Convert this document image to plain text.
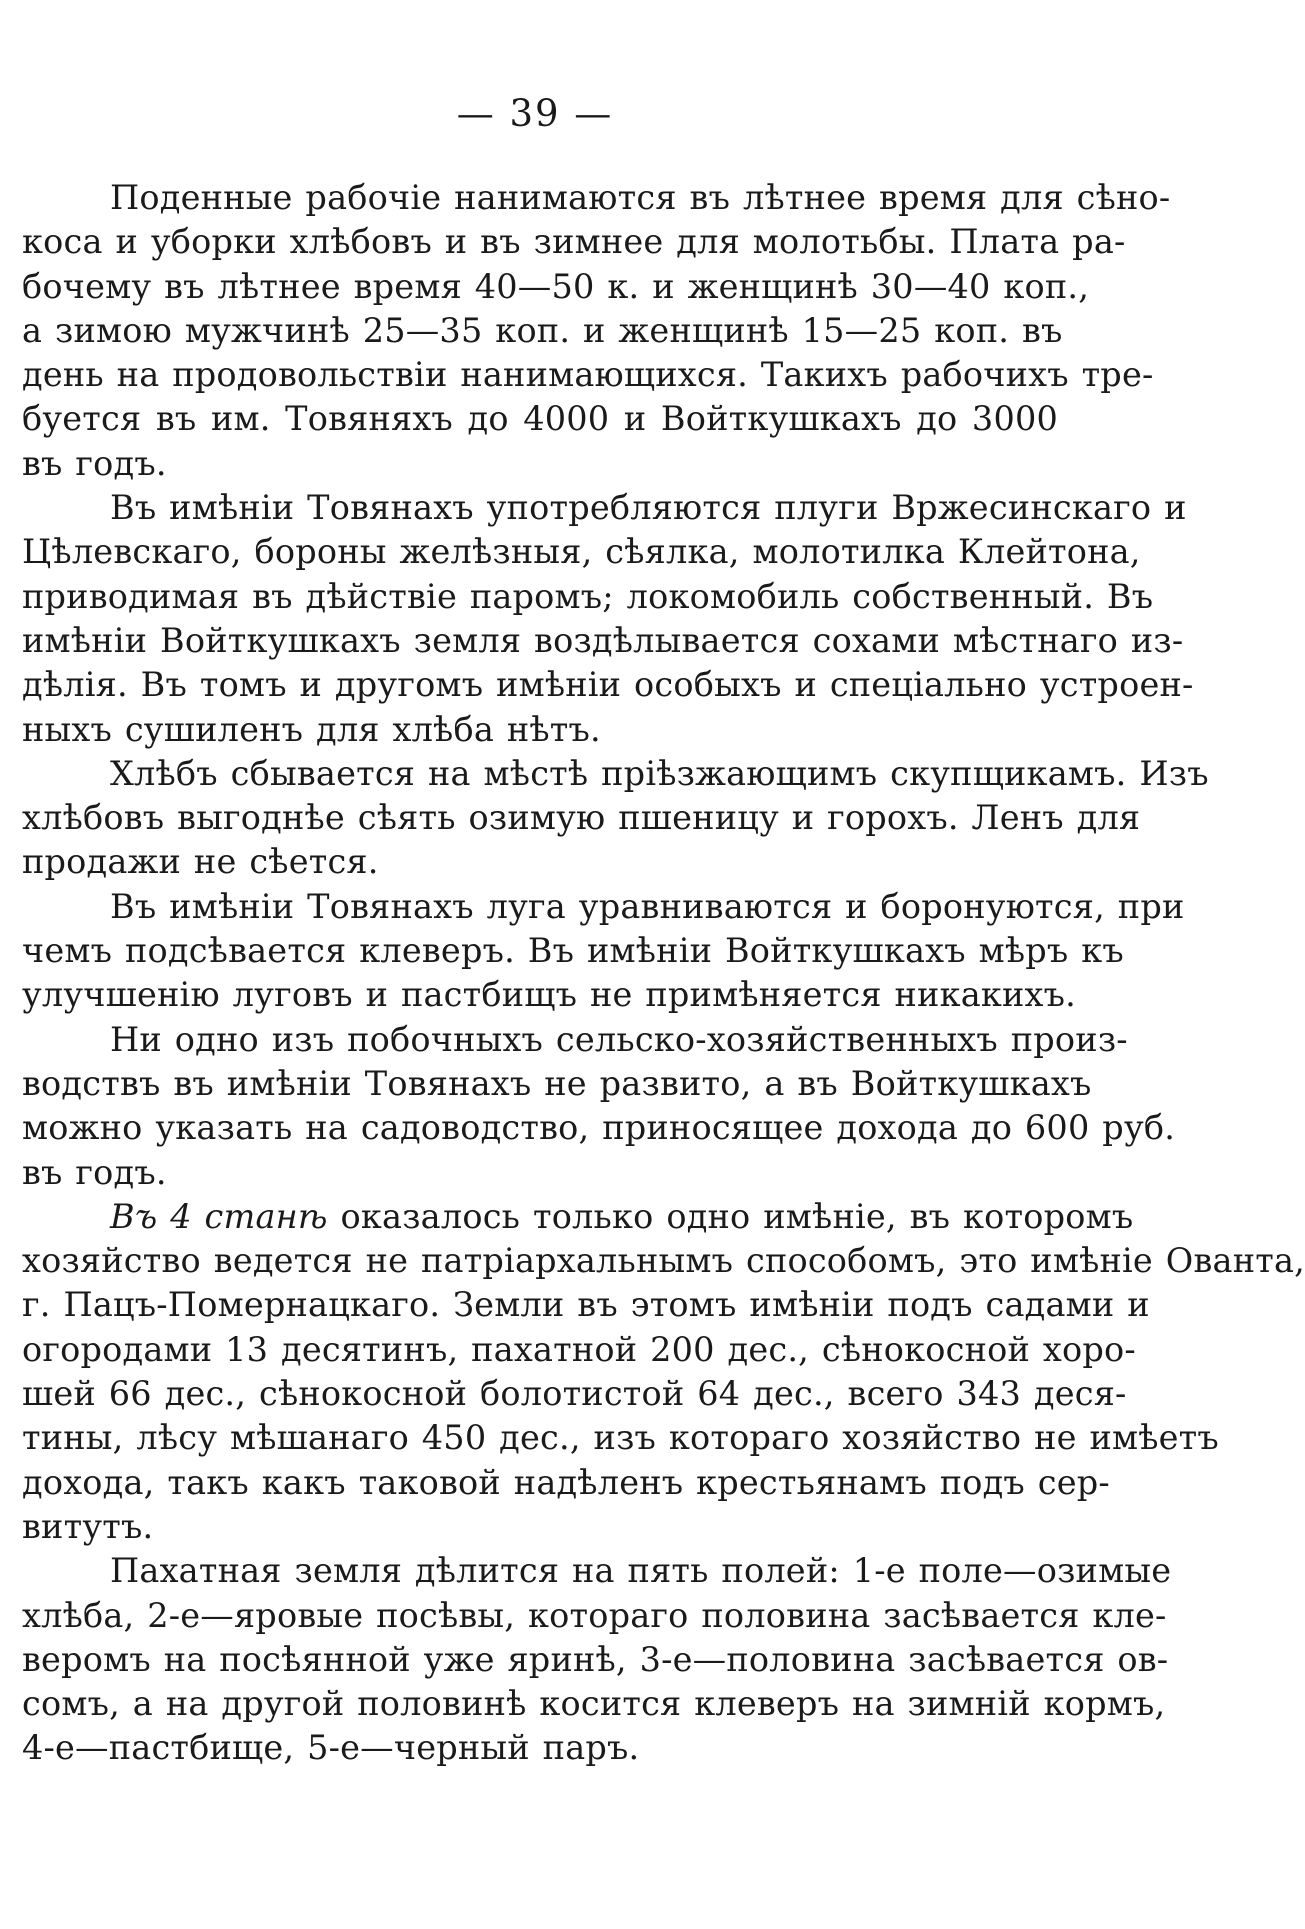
— 39 —
Поденные рабочіе нанимаются въ лѣтнее время для сѣно-
коса и уборки хлѣбовъ и въ зимнее для молотьбы. Плата ра-
бочему въ лѣтнее время 40—50 к. и женщинѣ 30—40 коп.,
а зимою мужчинѣ 25—35 коп. и женщинѣ 15—25 коп. въ
день на продовольствіи нанимающихся. Такихъ рабочихъ тре-
буется въ им. Товяняхъ до 4000 и Войткушкахъ до 3000
въ годъ.
Въ имѣніи Товянахъ употребляются плуги Вржесинскаго и
Цѣлевскаго, бороны желѣзныя, сѣялка, молотилка Клейтона,
приводимая въ дѣйствіе паромъ; локомобиль собственный. Въ
имѣніи Войткушкахъ земля воздѣлывается сохами мѣстнаго из-
дѣлія. Въ томъ и другомъ имѣніи особыхъ и спеціально устроен-
ныхъ сушиленъ для хлѣба нѣтъ.
Хлѣбъ сбывается на мѣстѣ пріѣзжающимъ скупщикамъ. Изъ
хлѣбовъ выгоднѣе сѣять озимую пшеницу и горохъ. Ленъ для
продажи не сѣется.
Въ имѣніи Товянахъ луга уравниваются и боронуются, при
чемъ подсѣвается клеверъ. Въ имѣніи Войткушкахъ мѣръ къ
улучшенію луговъ и пастбищъ не примѣняется никакихъ.
Ни одно изъ побочныхъ сельско-хозяйственныхъ произ-
водствъ въ имѣніи Товянахъ не развито, а въ Войткушкахъ
можно указать на садоводство, приносящее дохода до 600 руб.
въ годъ.
Въ 4 станѣ оказалось только одно имѣніе, въ которомъ
хозяйство ведется не патріархальнымъ способомъ, это имѣніе Ованта,
г. Пацъ-Помернацкаго. Земли въ этомъ имѣніи подъ садами и
огородами 13 десятинъ, пахатной 200 дес., сѣнокосной хоро-
шей 66 дес., сѣнокосной болотистой 64 дес., всего 343 деся-
тины, лѣсу мѣшанаго 450 дес., изъ котораго хозяйство не имѣетъ
дохода, такъ какъ таковой надѣленъ крестьянамъ подъ сер-
витутъ.
Пахатная земля дѣлится на пять полей: 1-е поле—озимые
хлѣба, 2-е—яровые посѣвы, котораго половина засѣвается кле-
веромъ на посѣянной уже яринѣ, 3-е—половина засѣвается ов-
сомъ, а на другой половинѣ косится клеверъ на зимній кормъ,
4-е—пастбище, 5-е—черный паръ.
